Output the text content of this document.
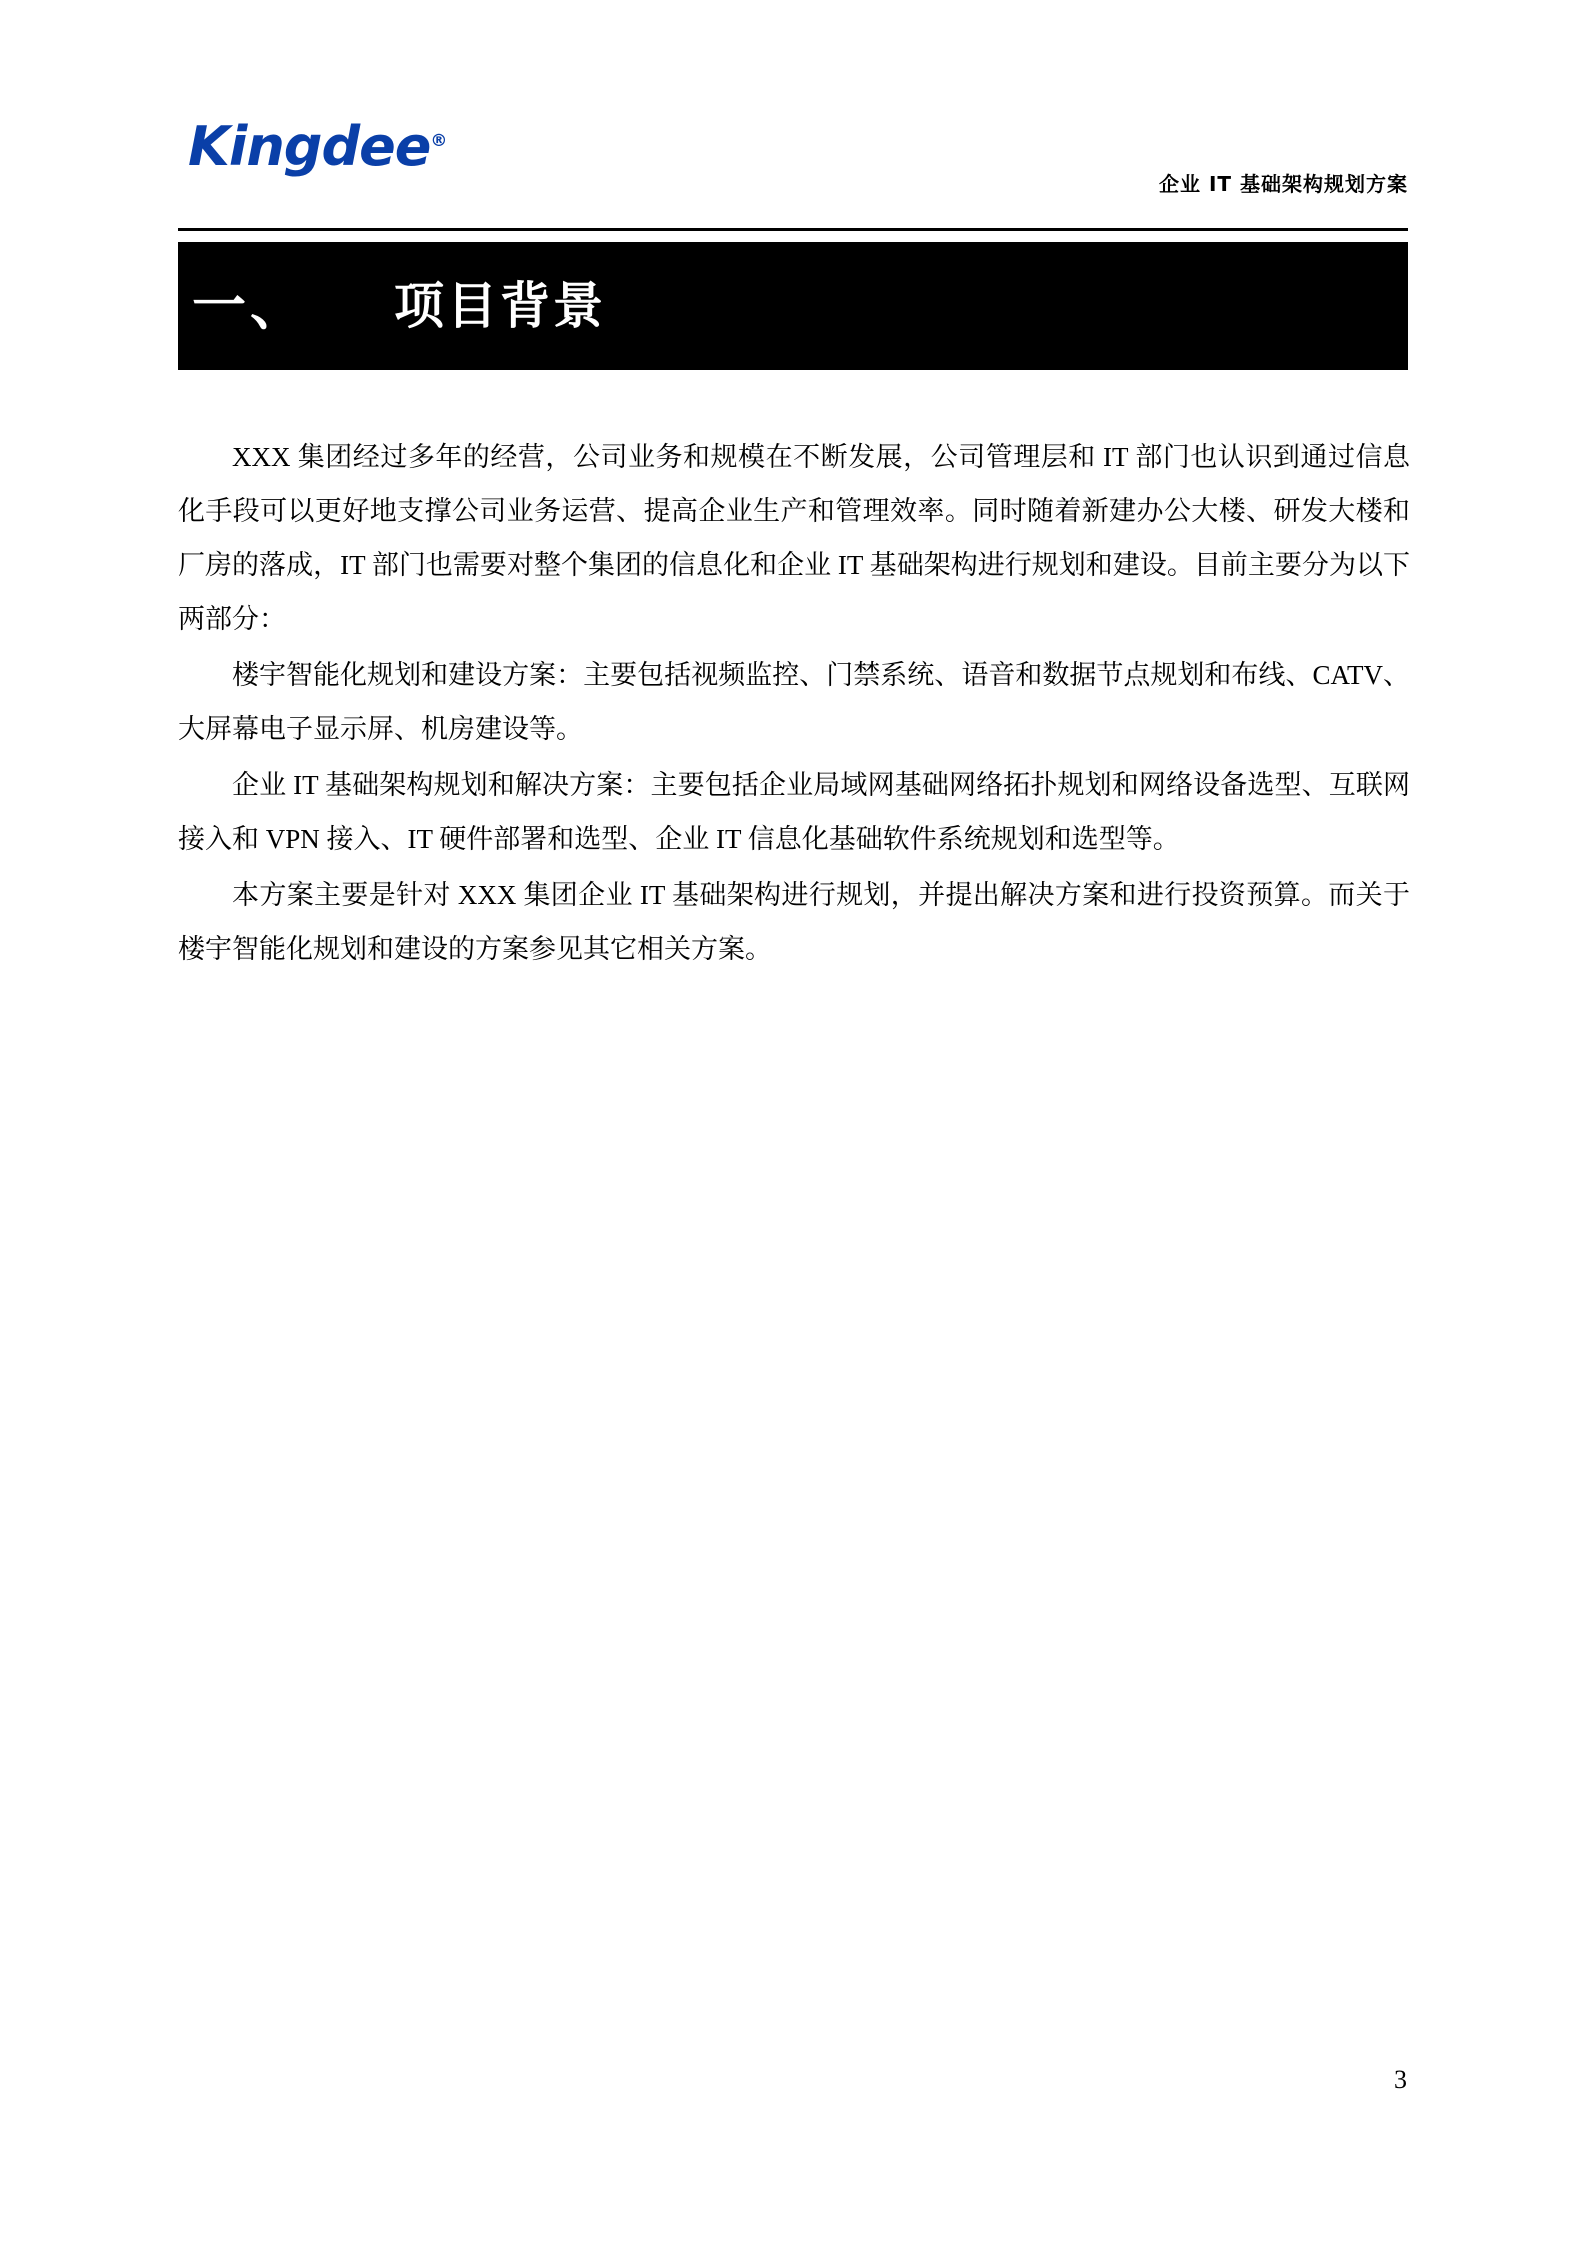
Kingdee®
企业 IT 基础架构规划方案
一、 项目背景

XXX 集团经过多年的经营，公司业务和规模在不断发展，公司管理层和 IT 部门也认识到通过信息化手段可以更好地支撑公司业务运营、提高企业生产和管理效率。同时随着新建办公大楼、研发大楼和厂房的落成，IT 部门也需要对整个集团的信息化和企业 IT 基础架构进行规划和建设。目前主要分为以下两部分：

楼宇智能化规划和建设方案：主要包括视频监控、门禁系统、语音和数据节点规划和布线、CATV、大屏幕电子显示屏、机房建设等。

企业 IT 基础架构规划和解决方案：主要包括企业局域网基础网络拓扑规划和网络设备选型、互联网接入和 VPN 接入、IT 硬件部署和选型、企业 IT 信息化基础软件系统规划和选型等。

本方案主要是针对 XXX 集团企业 IT 基础架构进行规划，并提出解决方案和进行投资预算。而关于楼宇智能化规划和建设的方案参见其它相关方案。

3
